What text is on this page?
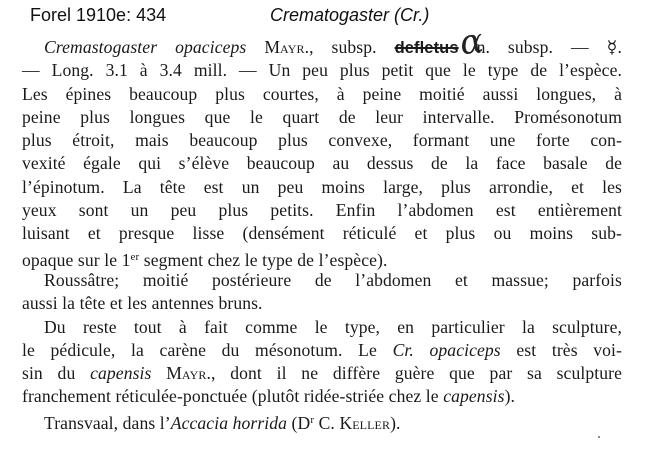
Forel 1910e: 434	Crematogaster (Cr.)
α
Cremastogaster opaciceps Mayr., subsp. defletus n. subsp. — ☿.
— Long. 3.1 à 3.4 mill. — Un peu plus petit que le type de l’espèce.
Les épines beaucoup plus courtes, à peine moitié aussi longues, à
peine plus longues que le quart de leur intervalle. Promésonotum
plus étroit, mais beaucoup plus convexe, formant une forte con-
vexité égale qui s’élève beaucoup au dessus de la face basale de
l’épinotum. La tête est un peu moins large, plus arrondie, et les
yeux sont un peu plus petits. Enfin l’abdomen est entièrement
luisant et presque lisse (densément réticulé et plus ou moins sub-
opaque sur le 1er segment chez le type de l’espèce).
Roussâtre; moitié postérieure de l’abdomen et massue; parfois
aussi la tête et les antennes bruns.
Du reste tout à fait comme le type, en particulier la sculpture,
le pédicule, la carène du mésonotum. Le Cr. opaciceps est très voi-
sin du capensis Mayr., dont il ne diffère guère que par sa sculpture
franchement réticulée-ponctuée (plutôt ridée-striée chez le capensis).
Transvaal, dans l’Accacia horrida ($D^r$ C. Keller).
